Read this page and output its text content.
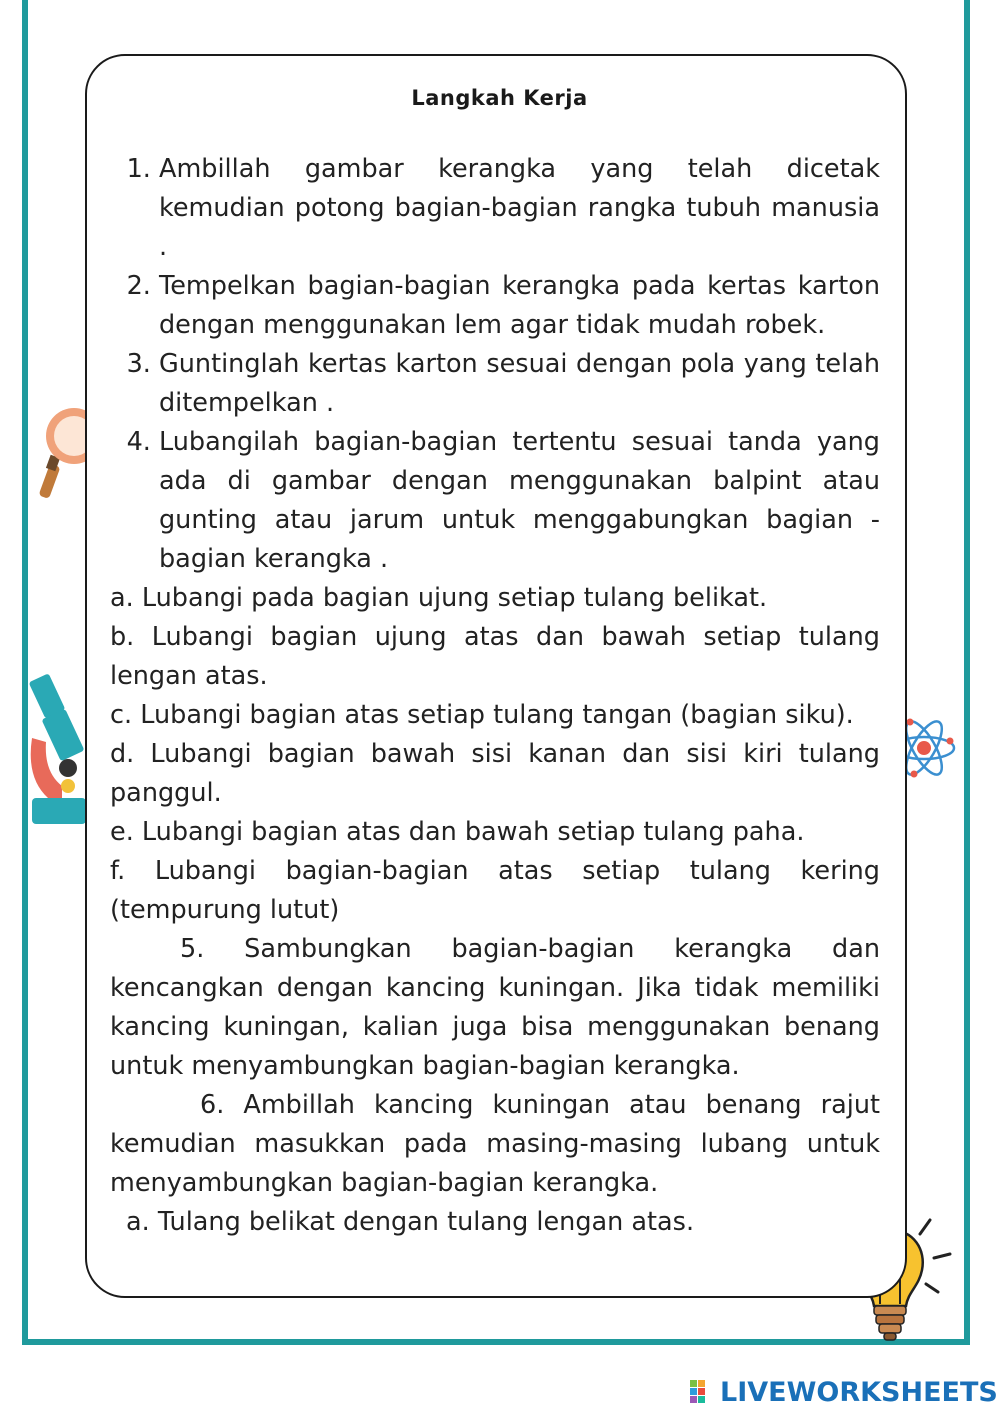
Langkah Kerja
1. Ambillah gambar kerangka yang telah dicetak kemudian potong bagian-bagian rangka tubuh manusia .
2. Tempelkan bagian-bagian kerangka pada kertas karton dengan menggunakan lem agar tidak mudah robek.
3. Guntinglah kertas karton sesuai dengan pola yang telah ditempelkan .
4. Lubangilah bagian-bagian tertentu sesuai tanda yang ada di gambar dengan menggunakan balpint atau gunting atau jarum untuk menggabungkan bagian - bagian kerangka .

a. Lubangi pada bagian ujung setiap tulang belikat.

b. Lubangi bagian ujung atas dan bawah setiap tulang lengan atas.

c. Lubangi bagian atas setiap tulang tangan (bagian siku).

d. Lubangi bagian bawah sisi kanan dan sisi kiri tulang panggul.

e. Lubangi bagian atas dan bawah setiap tulang paha.

f. Lubangi bagian-bagian atas setiap tulang kering (tempurung lutut)

5. Sambungkan bagian-bagian kerangka dan kencangkan dengan kancing kuningan. Jika tidak memiliki kancing kuningan, kalian juga bisa menggunakan benang untuk menyambungkan bagian-bagian kerangka.

6. Ambillah kancing kuningan atau benang rajut kemudian masukkan pada masing-masing lubang untuk menyambungkan bagian-bagian kerangka.

a. Tulang belikat dengan tulang lengan atas.

LIVEWORKSHEETS
